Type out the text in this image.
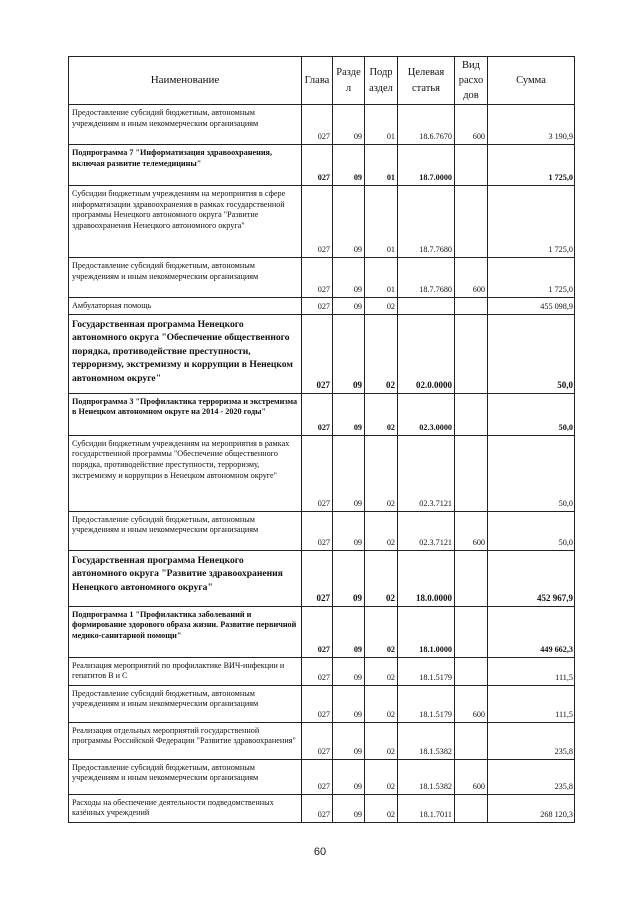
Наименование	Глава	Разде л	Подр аздел	Целевая статья	Вид расхо дов	Сумма
Предоставление субсидий бюджетным, автономным учреждениям и иным некоммерческим организациям	027	09	01	18.6.7670	600	3 190,9
Подпрограмма 7 "Информатизация здравоохранения, включая развитие телемедицины"	027	09	01	18.7.0000		1 725,0
Субсидии бюджетным учреждениям на мероприятия в сфере информатизации здравоохранения в рамках государственной программы Ненецкого автономного округа "Развитие здравоохранения Ненецкого автономного округа"	027	09	01	18.7.7680		1 725,0
Предоставление субсидий бюджетным, автономным учреждениям и иным некоммерческим организациям	027	09	01	18.7.7680	600	1 725,0
Амбулаторная помощь	027	09	02			455 098,9
Государственная программа Ненецкого автономного округа "Обеспечение общественного порядка, противодействие преступности, терроризму, экстремизму и коррупции в Ненецком автономном округе"	027	09	02	02.0.0000		50,0
Подпрограмма 3 "Профилактика терроризма и экстремизма в Ненецком автономном округе на 2014 - 2020 годы"	027	09	02	02.3.0000		50,0
Субсидии бюджетным учреждениям на мероприятия в рамках государственной программы "Обеспечение общественного порядка, противодействие преступности, терроризму, экстремизму и коррупции в Ненецком автономном округе"	027	09	02	02.3.7121		50,0
Предоставление субсидий бюджетным, автономным учреждениям и иным некоммерческим организациям	027	09	02	02.3.7121	600	50,0
Государственная программа Ненецкого автономного округа "Развитие здравоохранения Ненецкого автономного округа"	027	09	02	18.0.0000		452 967,9
Подпрограмма 1 "Профилактика заболеваний и формирование здорового образа жизни. Развитие первичной медико-санитарной помощи"	027	09	02	18.1.0000		449 662,3
Реализация мероприятий по профилактике ВИЧ-инфекции и гепатитов В и С	027	09	02	18.1.5179		111,5
Предоставление субсидий бюджетным, автономным учреждениям и иным некоммерческим организациям	027	09	02	18.1.5179	600	111,5
Реализация отдельных мероприятий государственной программы Российской Федерации "Развитие здравоохранения"	027	09	02	18.1.5382		235,8
Предоставление субсидий бюджетным, автономным учреждениям и иным некоммерческим организациям	027	09	02	18.1.5382	600	235,8
Расходы на обеспечение деятельности подведомственных казённых учреждений	027	09	02	18.1.7011		268 120,3
60
